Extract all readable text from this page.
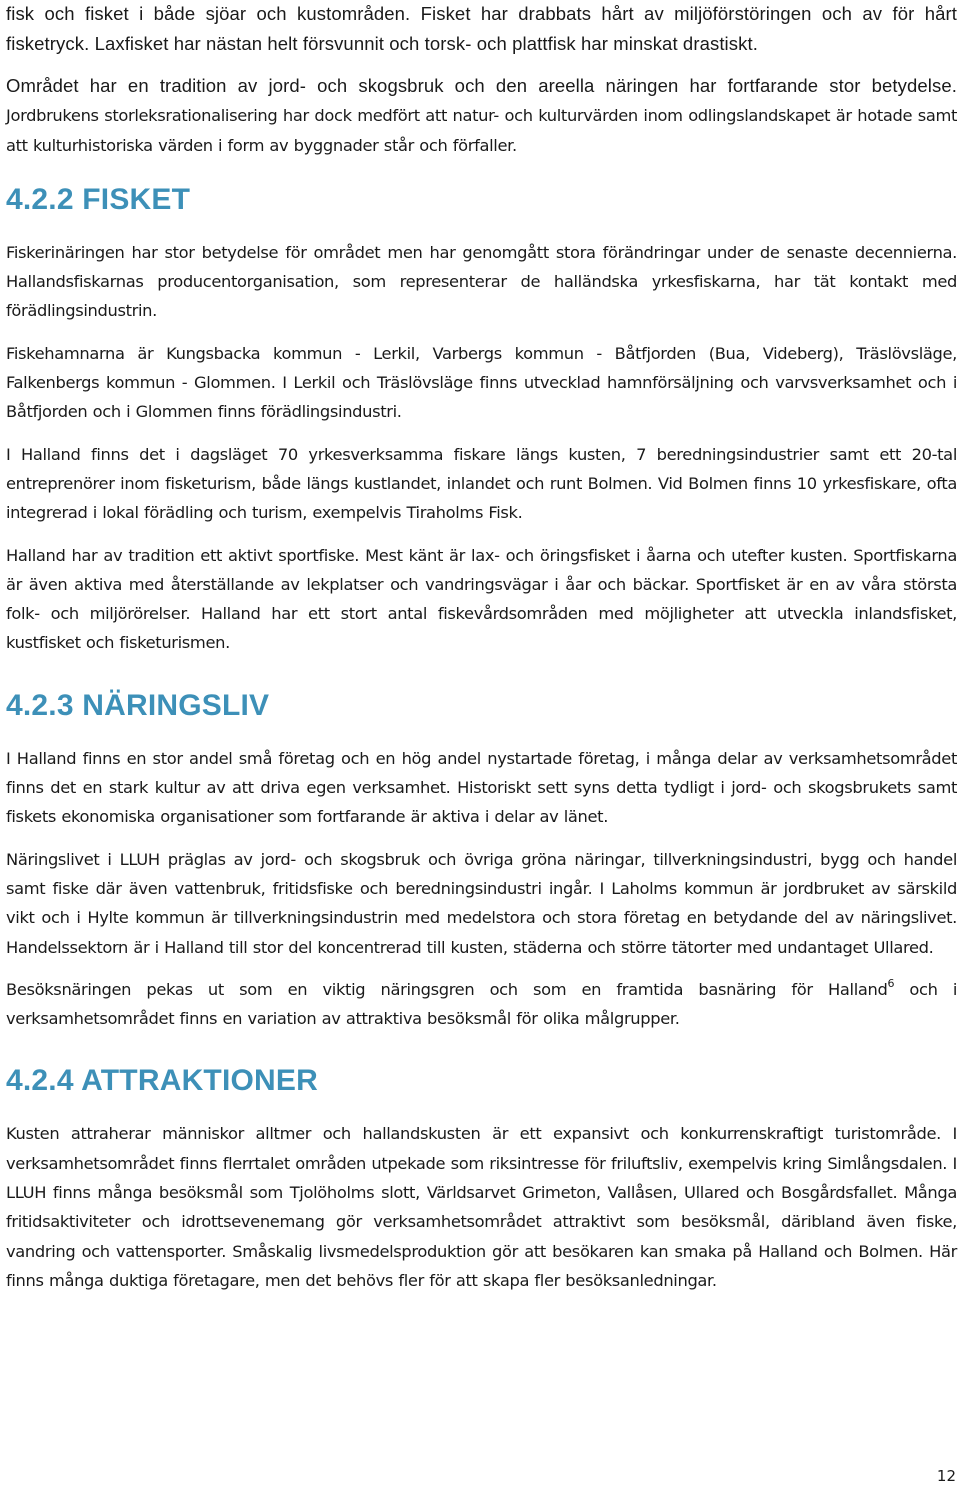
fisk och fisket i både sjöar och kustområden. Fisket har drabbats hårt av miljöförstöringen och av för hårt fisketryck. Laxfisket har nästan helt försvunnit och torsk- och plattfisk har minskat drastiskt.

Området har en tradition av jord- och skogsbruk och den areella näringen har fortfarande stor betydelse. Jordbrukens storleksrationalisering har dock medfört att natur- och kulturvärden inom odlingslandskapet är hotade samt att kulturhistoriska värden i form av byggnader står och förfaller.

4.2.2 FISKET

Fiskerinäringen har stor betydelse för området men har genomgått stora förändringar under de senaste decennierna. Hallandsfiskarnas producentorganisation, som representerar de halländska yrkesfiskarna, har tät kontakt med förädlingsindustrin.

Fiskehamnarna är Kungsbacka kommun - Lerkil, Varbergs kommun - Båtfjorden (Bua, Videberg), Träslövsläge, Falkenbergs kommun - Glommen. I Lerkil och Träslövsläge finns utvecklad hamnförsäljning och varvsverksamhet och i Båtfjorden och i Glommen finns förädlingsindustri.

I Halland finns det i dagsläget 70 yrkesverksamma fiskare längs kusten, 7 beredningsindustrier samt ett 20-tal entreprenörer inom fisketurism, både längs kustlandet, inlandet och runt Bolmen. Vid Bolmen finns 10 yrkesfiskare, ofta integrerad i lokal förädling och turism, exempelvis Tiraholms Fisk.

Halland har av tradition ett aktivt sportfiske. Mest känt är lax- och öringsfisket i åarna och utefter kusten. Sportfiskarna är även aktiva med återställande av lekplatser och vandringsvägar i åar och bäckar. Sportfisket är en av våra största folk- och miljörörelser. Halland har ett stort antal fiskevårdsområden med möjligheter att utveckla inlandsfisket, kustfisket och fisketurismen.

4.2.3 NÄRINGSLIV

I Halland finns en stor andel små företag och en hög andel nystartade företag, i många delar av verksamhetsområdet finns det en stark kultur av att driva egen verksamhet. Historiskt sett syns detta tydligt i jord- och skogsbrukets samt fiskets ekonomiska organisationer som fortfarande är aktiva i delar av länet.

Näringslivet i LLUH präglas av jord- och skogsbruk och övriga gröna näringar, tillverkningsindustri, bygg och handel samt fiske där även vattenbruk, fritidsfiske och beredningsindustri ingår. I Laholms kommun är jordbruket av särskild vikt och i Hylte kommun är tillverkningsindustrin med medelstora och stora företag en betydande del av näringslivet. Handelssektorn är i Halland till stor del koncentrerad till kusten, städerna och större tätorter med undantaget Ullared.

Besöksnäringen pekas ut som en viktig näringsgren och som en framtida basnäring för Halland$^6$ och i verksamhetsområdet finns en variation av attraktiva besöksmål för olika målgrupper.

4.2.4 ATTRAKTIONER

Kusten attraherar människor alltmer och hallandskusten är ett expansivt och konkurrenskraftigt turistområde. I verksamhetsområdet finns flerrtalet områden utpekade som riksintresse för friluftsliv, exempelvis kring Simlångsdalen. I LLUH finns många besöksmål som Tjolöholms slott, Världsarvet Grimeton, Vallåsen, Ullared och Bosgårdsfallet. Många fritidsaktiviteter och idrottsevenemang gör verksamhetsområdet attraktivt som besöksmål, däribland även fiske, vandring och vattensporter. Småskalig livsmedelsproduktion gör att besökaren kan smaka på Halland och Bolmen. Här finns många duktiga företagare, men det behövs fler för att skapa fler besöksanledningar.

12
